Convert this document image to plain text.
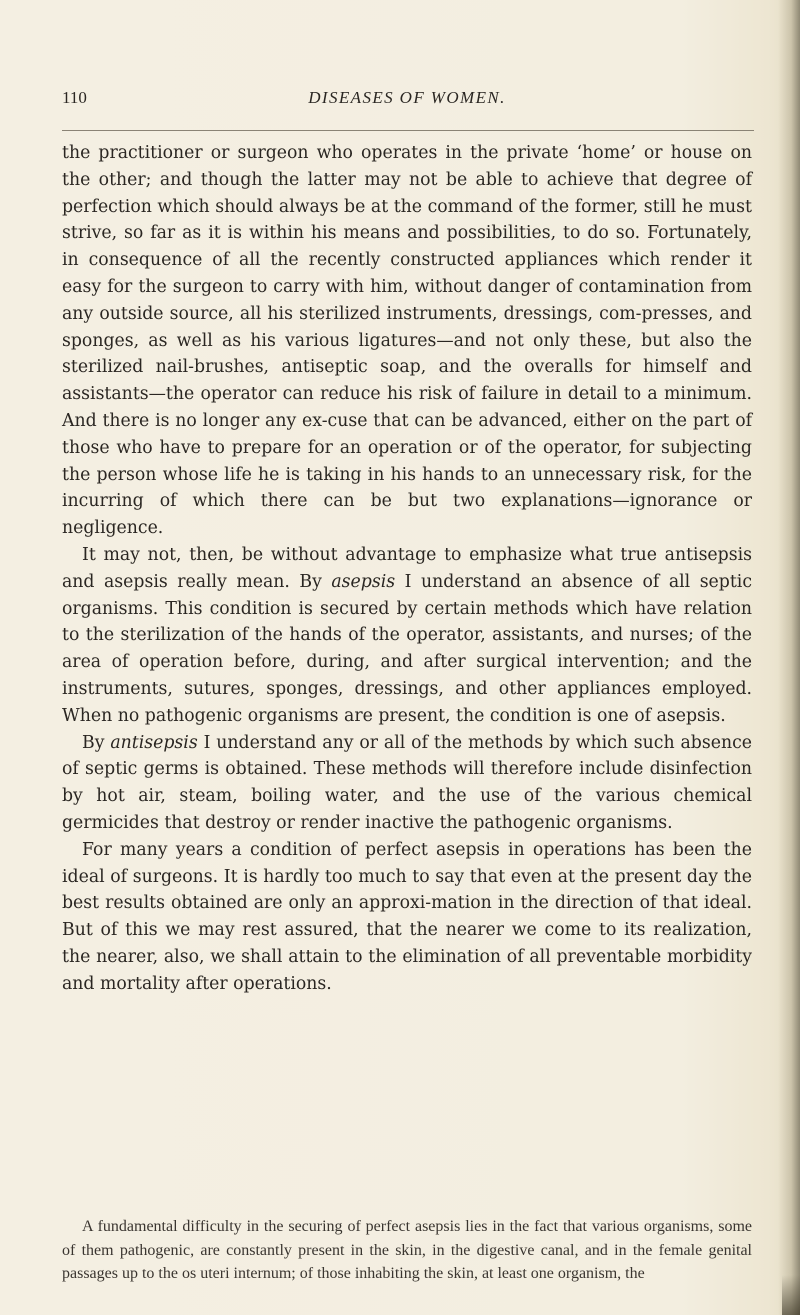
110	DISEASES OF WOMEN.

the practitioner or surgeon who operates in the private ‘home’ or house on the other; and though the latter may not be able to achieve that degree of perfection which should always be at the command of the former, still he must strive, so far as it is within his means and possibilities, to do so. Fortunately, in consequence of all the recently constructed appliances which render it easy for the surgeon to carry with him, without danger of contamination from any outside source, all his sterilized instruments, dressings, com-presses, and sponges, as well as his various ligatures—and not only these, but also the sterilized nail-brushes, antiseptic soap, and the overalls for himself and assistants—the operator can reduce his risk of failure in detail to a minimum. And there is no longer any ex-cuse that can be advanced, either on the part of those who have to prepare for an operation or of the operator, for subjecting the person whose life he is taking in his hands to an unnecessary risk, for the incurring of which there can be but two explanations—ignorance or negligence.

It may not, then, be without advantage to emphasize what true antisepsis and asepsis really mean. By asepsis I understand an absence of all septic organisms. This condition is secured by certain methods which have relation to the sterilization of the hands of the operator, assistants, and nurses; of the area of operation before, during, and after surgical intervention; and the instruments, sutures, sponges, dressings, and other appliances employed. When no pathogenic organisms are present, the condition is one of asepsis.

By antisepsis I understand any or all of the methods by which such absence of septic germs is obtained. These methods will therefore include disinfection by hot air, steam, boiling water, and the use of the various chemical germicides that destroy or render inactive the pathogenic organisms.

For many years a condition of perfect asepsis in operations has been the ideal of surgeons. It is hardly too much to say that even at the present day the best results obtained are only an approxi-mation in the direction of that ideal. But of this we may rest assured, that the nearer we come to its realization, the nearer, also, we shall attain to the elimination of all preventable morbidity and mortality after operations.

A fundamental difficulty in the securing of perfect asepsis lies in the fact that various organisms, some of them pathogenic, are constantly present in the skin, in the digestive canal, and in the female genital passages up to the os uteri internum; of those inhabiting the skin, at least one organism, the
